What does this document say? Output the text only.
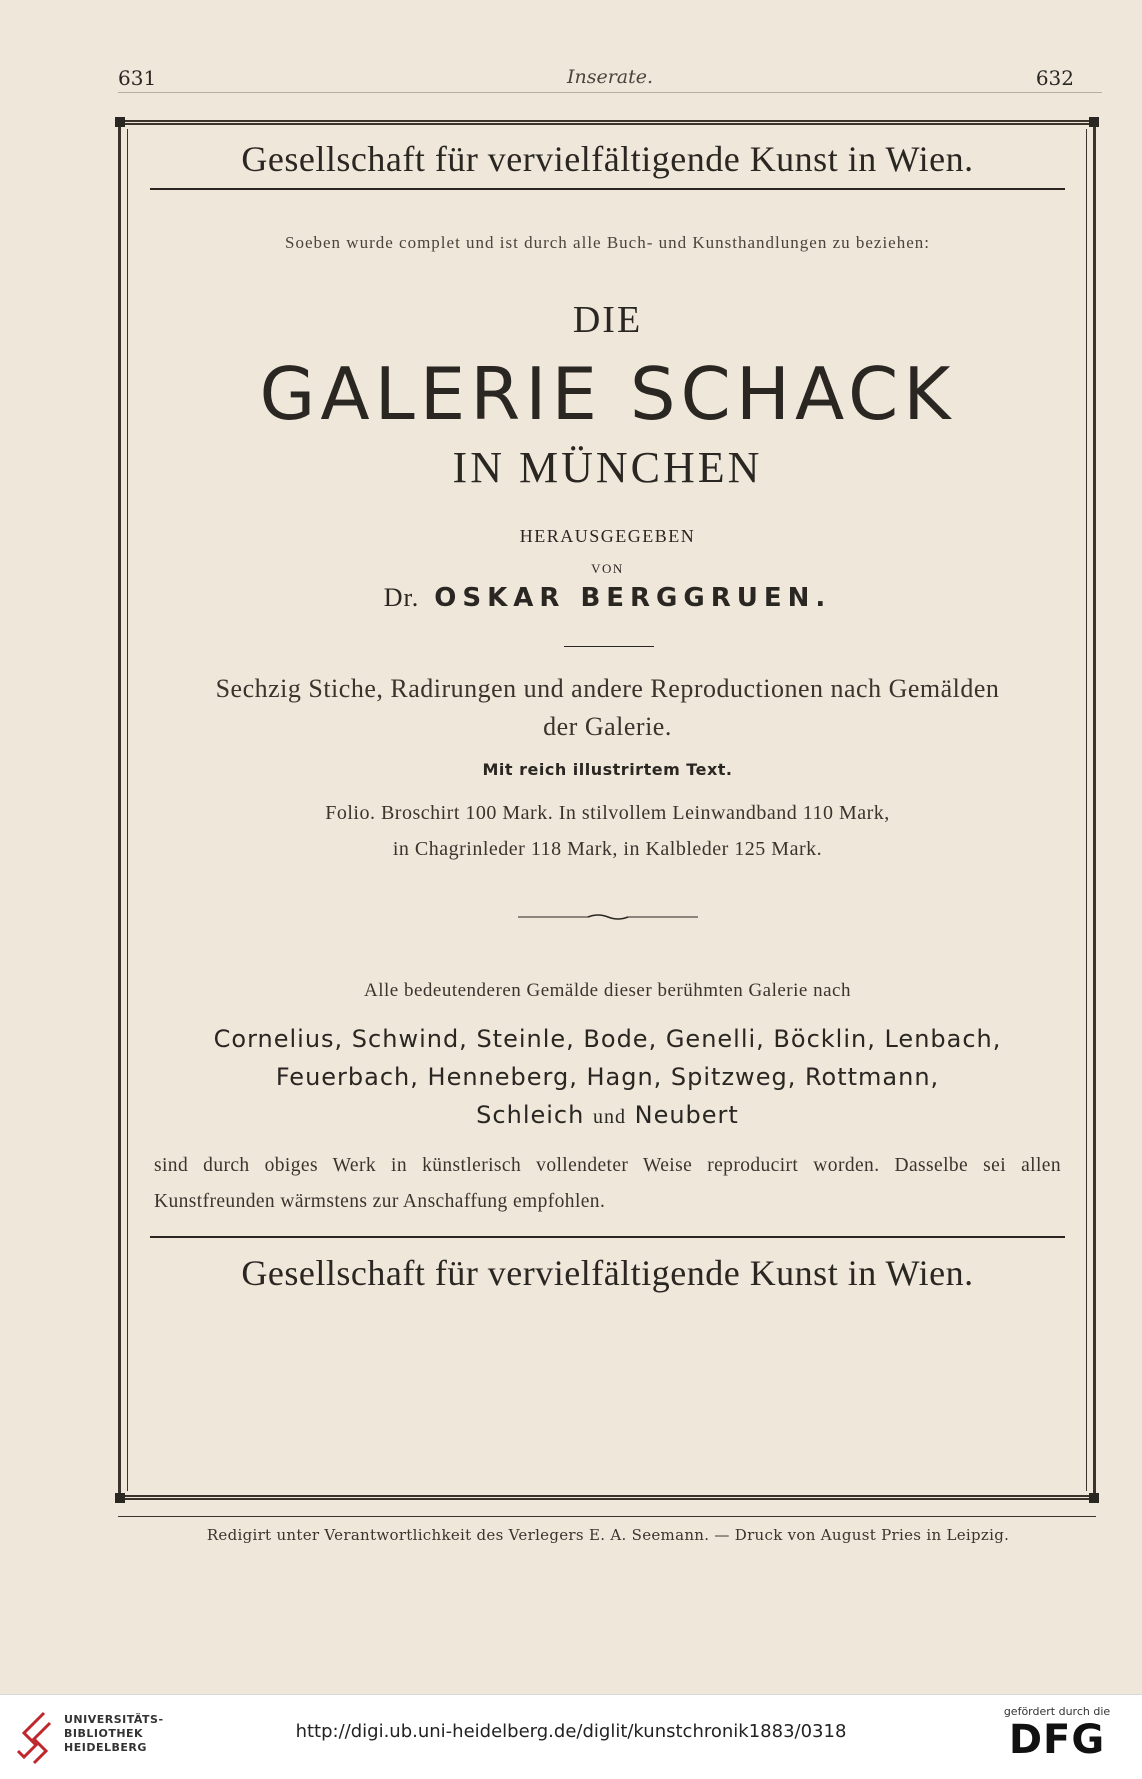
631	Inserate.	632
Gesellschaft für vervielfältigende Kunst in Wien.
Soeben wurde complet und ist durch alle Buch- und Kunsthandlungen zu beziehen:
DIE
GALERIE SCHACK
IN MÜNCHEN
HERAUSGEGEBEN
VON
Dr. OSKAR BERGGRUEN.
Sechzig Stiche, Radirungen und andere Reproductionen nach Gemälden
der Galerie.
Mit reich illustrirtem Text.
Folio. Broschirt 100 Mark. In stilvollem Leinwandband 110 Mark,
in Chagrinleder 118 Mark, in Kalbleder 125 Mark.
Alle bedeutenderen Gemälde dieser berühmten Galerie nach
Cornelius, Schwind, Steinle, Bode, Genelli, Böcklin, Lenbach,
Feuerbach, Henneberg, Hagn, Spitzweg, Rottmann,
Schleich und Neubert
sind durch obiges Werk in künstlerisch vollendeter Weise reproducirt worden. Dasselbe sei allen Kunstfreunden wärmstens zur Anschaffung empfohlen.
Gesellschaft für vervielfältigende Kunst in Wien.
Redigirt unter Verantwortlichkeit des Verlegers E. A. Seemann. — Druck von August Pries in Leipzig.
UNIVERSITÄTS-
BIBLIOTHEK
HEIDELBERG
http://digi.ub.uni-heidelberg.de/diglit/kunstchronik1883/0318
gefördert durch die
DFG
